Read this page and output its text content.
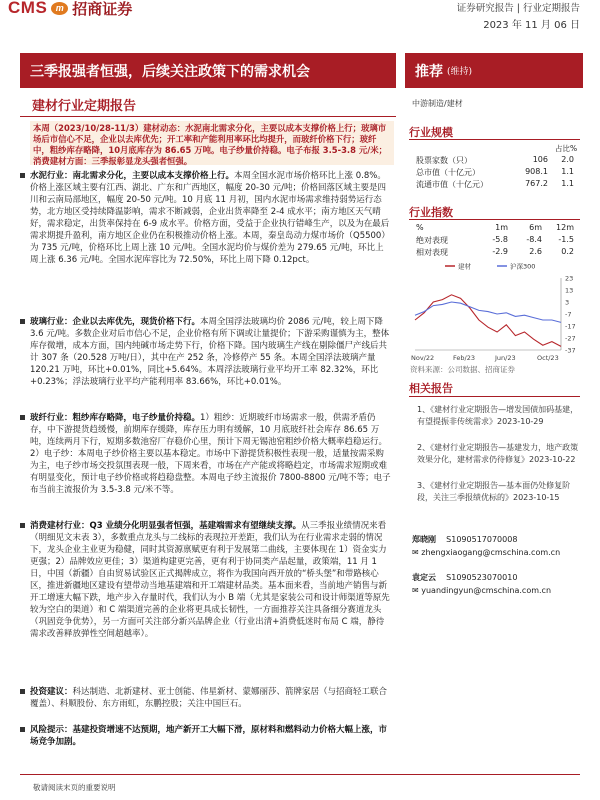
CMS m 招商证券	证券研究报告 | 行业定期报告
2023 年 11 月 06 日
三季报强者恒强，后续关注政策下的需求机会	推荐 (维持)
建材行业定期报告	中游制造/建材
本周（2023/10/28-11/3）建材动态：水泥南北需求分化，主要以成本支撑价格上行；玻璃市场后市信心不足，企业以去库优先；开工率和产能利用率环比均提升，而玻纤价格下行；玻纤中，粗纱库存略降，10月底库存为 86.65 万吨。电子纱量价持稳。电子布报 3.5-3.8 元/米；消费建材方面：三季报彰显龙头强者恒强。
水泥行业：南北需求分化，主要以成本支撑价格上行。本周全国水泥市场价格环比上涨 0.8%。价格上涨区域主要有江西、湖北、广东和广西地区，幅度 20-30 元/吨；价格回落区域主要是四川和云南局部地区，幅度 20-50 元/吨。10 月底 11 月初，国内水泥市场需求维持弱势运行态势，北方地区受持续降温影响，需求不断减弱，企业出货率降至 2-4 成水平；南方地区天气晴好，需求稳定，出货率保持在 6-9 成水平。价格方面，受益于企业执行错峰生产，以及为在最后需求期提升盈利，南方地区企业仍在积极推动价格上涨。本周，秦皇岛动力煤市场价（Q5500）为 735 元/吨，价格环比上周上涨 10 元/吨。全国水泥均价与煤价差为 279.65 元/吨，环比上周上涨 6.36 元/吨。全国水泥库容比为 72.50%，环比上周下降 0.12pct。
玻璃行业：企业以去库优先，现货价格下行。本周全国浮法玻璃均价 2086 元/吨，较上周下降 3.6 元/吨。多数企业对后市信心不足，企业价格有所下调或让量提价；下游采购谨慎为主，整体库存微增，成本方面，国内纯碱市场走势下行，价格下降。国内玻璃生产线在剔除僵尸产线后共计 307 条（20.528 万吨/日），其中在产 252 条，冷修停产 55 条。本周全国浮法玻璃产量 120.21 万吨，环比+0.01%，同比+5.64%。本周浮法玻璃行业平均开工率 82.32%，环比+0.23%；浮法玻璃行业平均产能利用率 83.66%，环比+0.01%。
玻纤行业：粗纱库存略降，电子纱量价持稳。1）粗纱：近期玻纤市场需求一般，供需矛盾仍存，中下游提货趋缓慢，前期库存缓降，库存压力明有缓解，10 月底玻纤社会库存 86.65 万吨，连续两月下行，短期多数池窑厂存稳价心里，预计下周无锡池窑粗纱价格大概率趋稳运行。2）电子纱：本周电子纱价格主要以基本稳定。市场中下游提货积极性表现一般，适量按需采购为主，电子纱市场交投氛围表现一般，下周来看，市场在产产能或将略趋定，市场需求短期或难有明显变化，预计电子纱价格或将趋稳盘整。本周电子纱主流报价 7800-8800 元/吨不等；电子布当前主流报价为 3.5-3.8 元/米不等。
消费建材行业：Q3 业绩分化明显强者恒强，基建端需求有望继续支撑。从三季报业绩情况来看（明细见文末表 3），多数重点龙头与二线标的表现拉开差距，我们认为在行业需求走弱的情况下，龙头企业主业更为稳健，同时其资源禀赋更有利于发展第二曲线，主要体现在 1）资金实力更强；2）品牌效应更佳；3）渠道构建更完善，更有利于协同类产品起量，政策端，11 月 1 日，中国（新疆）自由贸易试验区正式揭牌成立，将作为我国向西开放的“桥头堡”和带路核心区，推进新疆地区建设有望带动当地基建端和开工端建材品类。基本面来看，当前地产销售与新开工增速大幅下跌，地产步入存量时代，我们认为小 B 端（尤其是家装公司和设计师渠道等原先较为空白的渠道）和 C 端渠道完善的企业将更具成长韧性，一方面推荐关注具备细分赛道龙头（巩固竞争优势），另一方面可关注部分新兴品牌企业（行业出清+消费低迷时布局 C 端，静待需求改善释放弹性空间超越率）。
投资建议：科达制造、北新建材、亚士创能、伟星新材、蒙娜丽莎、箭牌家居（与招商轻工联合覆盖）、科顺股份、东方雨虹，东鹏控股；关注中国巨石。
风险提示：基建投资增速不达预期，地产新开工大幅下滑，原材料和燃料动力价格大幅上涨，市场竞争加剧。
行业规模
占比%
股票家数（只）	106	2.0
总市值（十亿元）	908.1	1.1
流通市值（十亿元）	767.2	1.1
行业指数
%	1m	6m	12m
绝对表现	-5.8	-8.4	-1.5
相对表现	-2.9	2.6	0.2
23
13
3
-7
-17
-27
-37
Nov/22	Feb/23	Jun/23	Oct/23
建材	沪深300
资料来源：公司数据、招商证券
相关报告
1、《建材行业定期报告—增发国债加码基建，有望提振非传统需求》2023-10-29
2、《建材行业定期报告—基建发力，地产政策效果分化，建材需求仍待修复》2023-10-22
3、《建材行业定期报告—基本面仍处修复阶段，关注三季报绩优标的》2023-10-15
郑晓刚 S1090517070008
✉ zhengxiaogang@cmschina.com.cn
袁定云 S1090523070010
✉ yuandingyun@cmschina.com.cn
敬请阅读末页的重要说明
